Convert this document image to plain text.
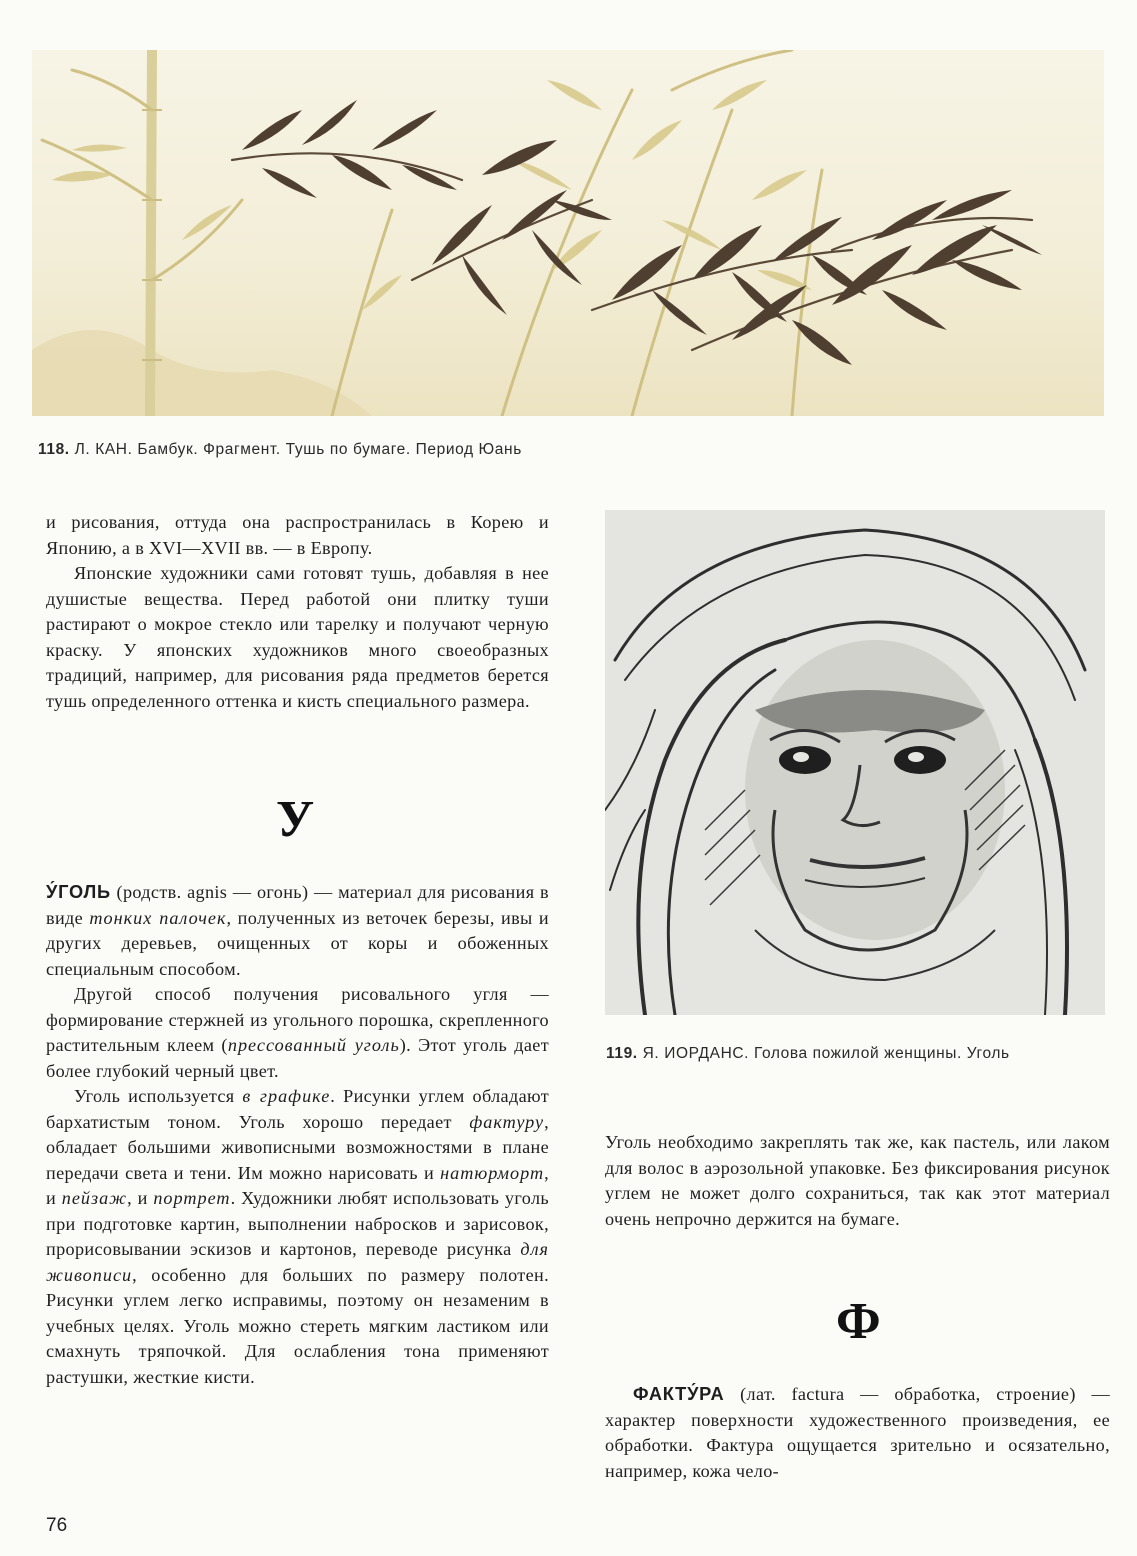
118. Л. КАН. Бамбук. Фрагмент. Тушь по бумаге. Период Юань

и рисования, оттуда она распространилась в Корею и Японию, а в XVI—XVII вв. — в Европу.

Японские художники сами готовят тушь, добавляя в нее душистые вещества. Перед работой они плитку туши растирают о мокрое стекло или тарелку и получают черную краску. У японских художников много своеобразных традиций, например, для рисования ряда предметов берется тушь определенного оттенка и кисть специального размера.

У

У́ГОЛЬ (родств. agnis — огонь) — материал для рисования в виде тонких палочек, полученных из веточек березы, ивы и других деревьев, очищенных от коры и обоженных специальным способом.

Другой способ получения рисовального угля — формирование стержней из угольного порошка, скрепленного растительным клеем (прессованный уголь). Этот уголь дает более глубокий черный цвет.

Уголь используется в графике. Рисунки углем обладают бархатистым тоном. Уголь хорошо передает фактуру, обладает большими живописными возможностями в плане передачи света и тени. Им можно нарисовать и натюрморт, и пейзаж, и портрет. Художники любят использовать уголь при подготовке картин, выполнении набросков и зарисовок, прорисовывании эскизов и картонов, переводе рисунка для живописи, особенно для больших по размеру полотен. Рисунки углем легко исправимы, поэтому он незаменим в учебных целях. Уголь можно стереть мягким ластиком или смахнуть тряпочкой. Для ослабления тона применяют растушки, жесткие кисти.

119. Я. ИОРДАНС. Голова пожилой женщины. Уголь

Уголь необходимо закреплять так же, как пастель, или лаком для волос в аэрозольной упаковке. Без фиксирования рисунок углем не может долго сохраниться, так как этот материал очень непрочно держится на бумаге.

Ф

ФАКТУ́РА (лат. factura — обработка, строение) — характер поверхности художественного произведения, ее обработки. Фактура ощущается зрительно и осязательно, например, кожа чело-

76
